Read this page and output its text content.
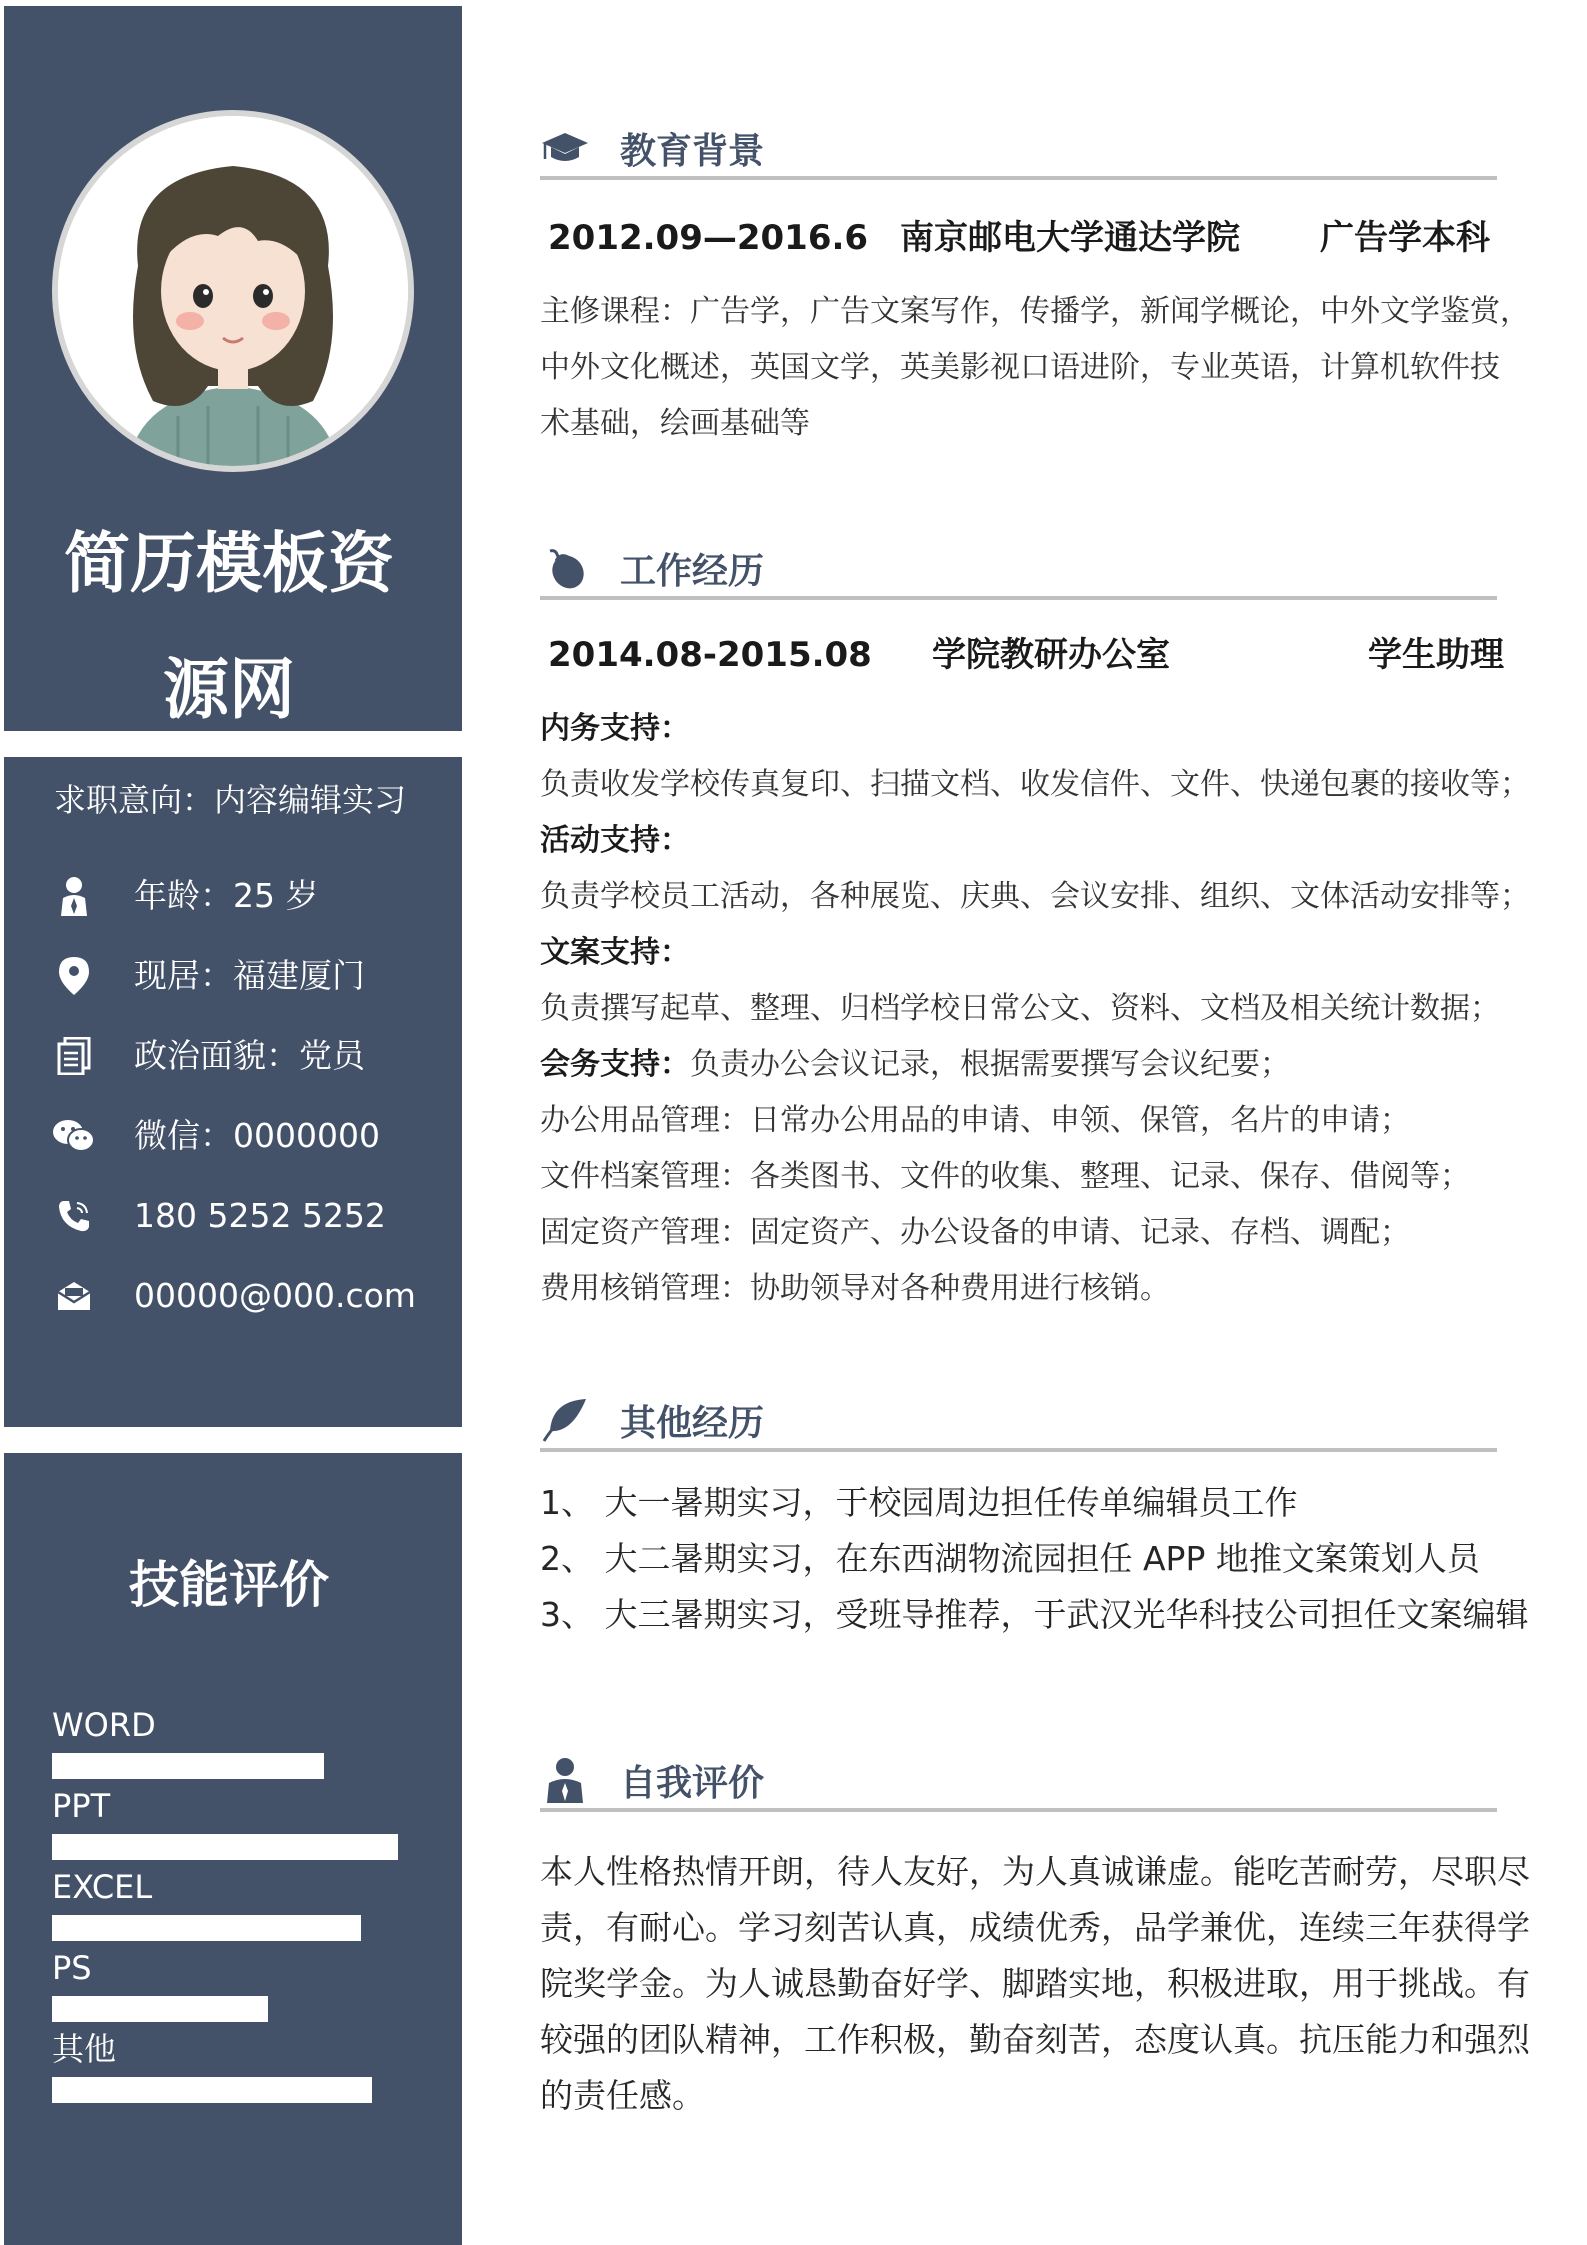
简历模板资
源网
求职意向：内容编辑实习
年龄：25 岁
现居：福建厦门
政治面貌：党员
微信：0000000
180 5252 5252
00000@000.com
技能评价
WORD
PPT
EXCEL
PS
其他
教育背景
2012.09—2016.6 南京邮电大学通达学院 广告学本科

主修课程：广告学，广告文案写作，传播学，新闻学概论，中外文学鉴赏，

中外文化概述，英国文学，英美影视口语进阶，专业英语，计算机软件技

术基础，绘画基础等

工作经历
2014.08-2015.08 学院教研办公室	学生助理

内务支持：

负责收发学校传真复印、扫描文档、收发信件、文件、快递包裹的接收等；

活动支持：

负责学校员工活动，各种展览、庆典、会议安排、组织、文体活动安排等；

文案支持：

负责撰写起草、整理、归档学校日常公文、资料、文档及相关统计数据；

会务支持：负责办公会议记录，根据需要撰写会议纪要；

办公用品管理：日常办公用品的申请、申领、保管，名片的申请；

文件档案管理：各类图书、文件的收集、整理、记录、保存、借阅等；

固定资产管理：固定资产、办公设备的申请、记录、存档、调配；

费用核销管理：协助领导对各种费用进行核销。

其他经历

1、 大一暑期实习，于校园周边担任传单编辑员工作

2、 大二暑期实习，在东西湖物流园担任 APP 地推文案策划人员

3、 大三暑期实习，受班导推荐，于武汉光华科技公司担任文案编辑

自我评价

本人性格热情开朗，待人友好，为人真诚谦虚。能吃苦耐劳，尽职尽

责，有耐心。学习刻苦认真，成绩优秀，品学兼优，连续三年获得学

院奖学金。为人诚恳勤奋好学、脚踏实地，积极进取，用于挑战。有

较强的团队精神，工作积极，勤奋刻苦，态度认真。抗压能力和强烈

的责任感。
